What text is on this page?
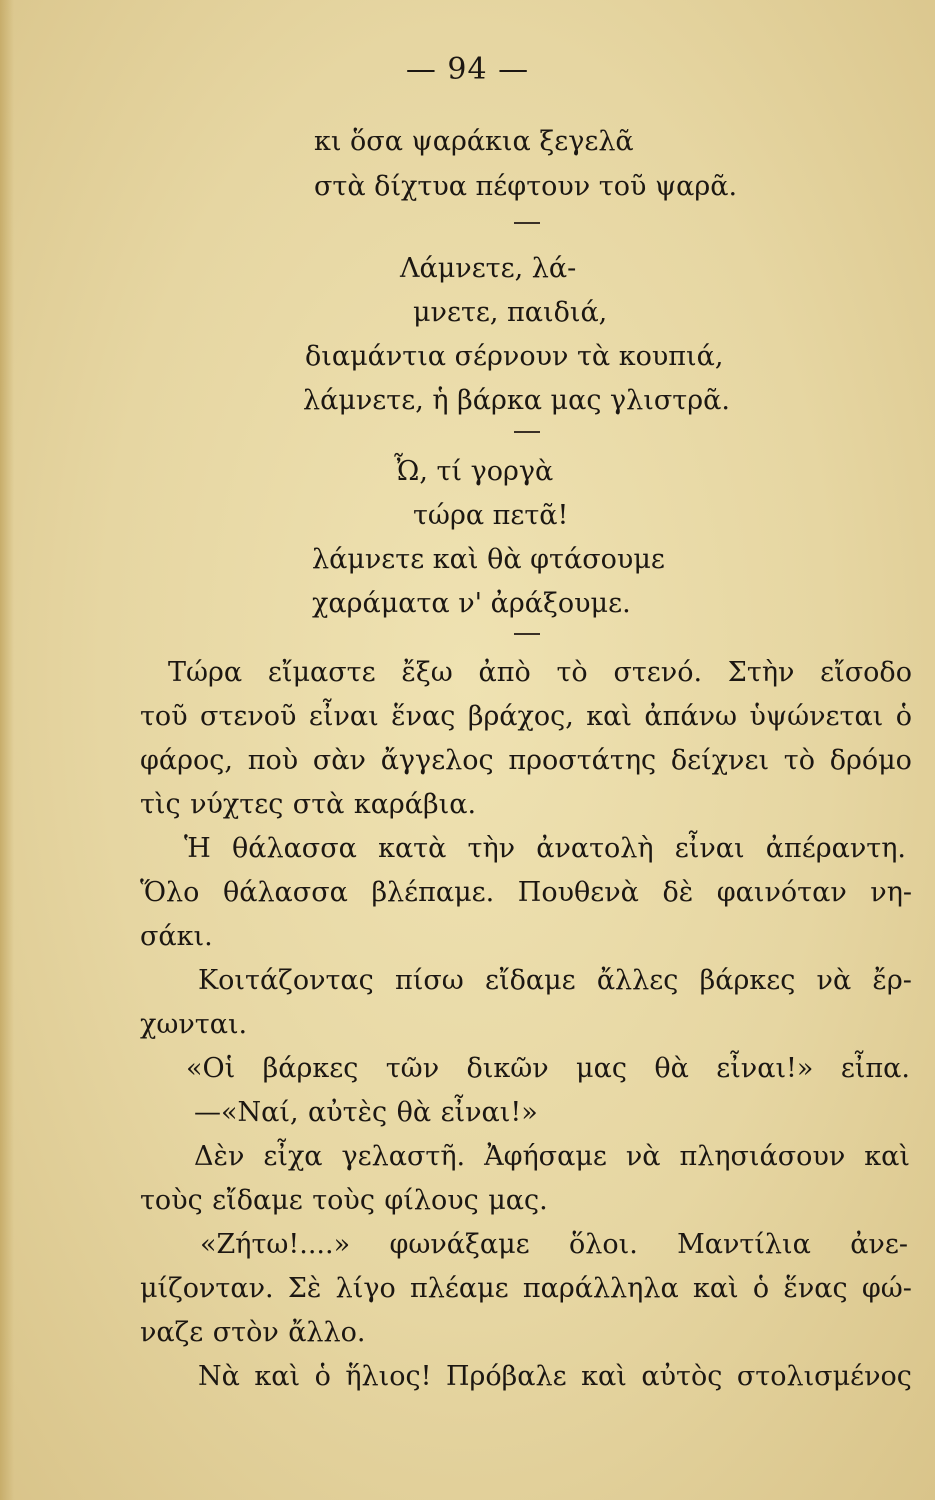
— 94 —
κι ὅσα ψαράκια ξεγελᾶ
στὰ δίχτυα πέφτουν τοῦ ψαρᾶ.
Λάμνετε, λά-
μνετε, παιδιά,
διαμάντια σέρνουν τὰ κουπιά,
λάμνετε, ἡ βάρκα μας γλιστρᾶ.
Ὦ, τί γοργὰ
τώρα πετᾶ!
λάμνετε καὶ θὰ φτάσουμε
χαράματα ν' ἀράξουμε.
Τώρα εἴμαστε ἔξω ἀπὸ τὸ στενό. Στὴν εἴσοδο
τοῦ στενοῦ εἶναι ἕνας βράχος, καὶ ἀπάνω ὑψώνεται ὁ
φάρος, ποὺ σὰν ἄγγελος προστάτης δείχνει τὸ δρόμο
τὶς νύχτες στὰ καράβια.
Ἡ θάλασσα κατὰ τὴν ἀνατολὴ εἶναι ἀπέραντη.
Ὅλο θάλασσα βλέπαμε. Πουθενὰ δὲ φαινόταν νη-
σάκι.
Κοιτάζοντας πίσω εἴδαμε ἄλλες βάρκες νὰ ἔρ-
χωνται.
«Οἱ βάρκες τῶν δικῶν μας θὰ εἶναι!» εἶπα.
—«Ναί, αὐτὲς θὰ εἶναι!»
Δὲν εἶχα γελαστῆ. Ἀφήσαμε νὰ πλησιάσουν καὶ
τοὺς εἴδαμε τοὺς φίλους μας.
«Ζήτω!....» φωνάξαμε ὅλοι. Μαντίλια ἀνε-
μίζονταν. Σὲ λίγο πλέαμε παράλληλα καὶ ὁ ἕνας φώ-
ναζε στὸν ἄλλο.
Νὰ καὶ ὁ ἥλιος! Πρόβαλε καὶ αὐτὸς στολισμένος
